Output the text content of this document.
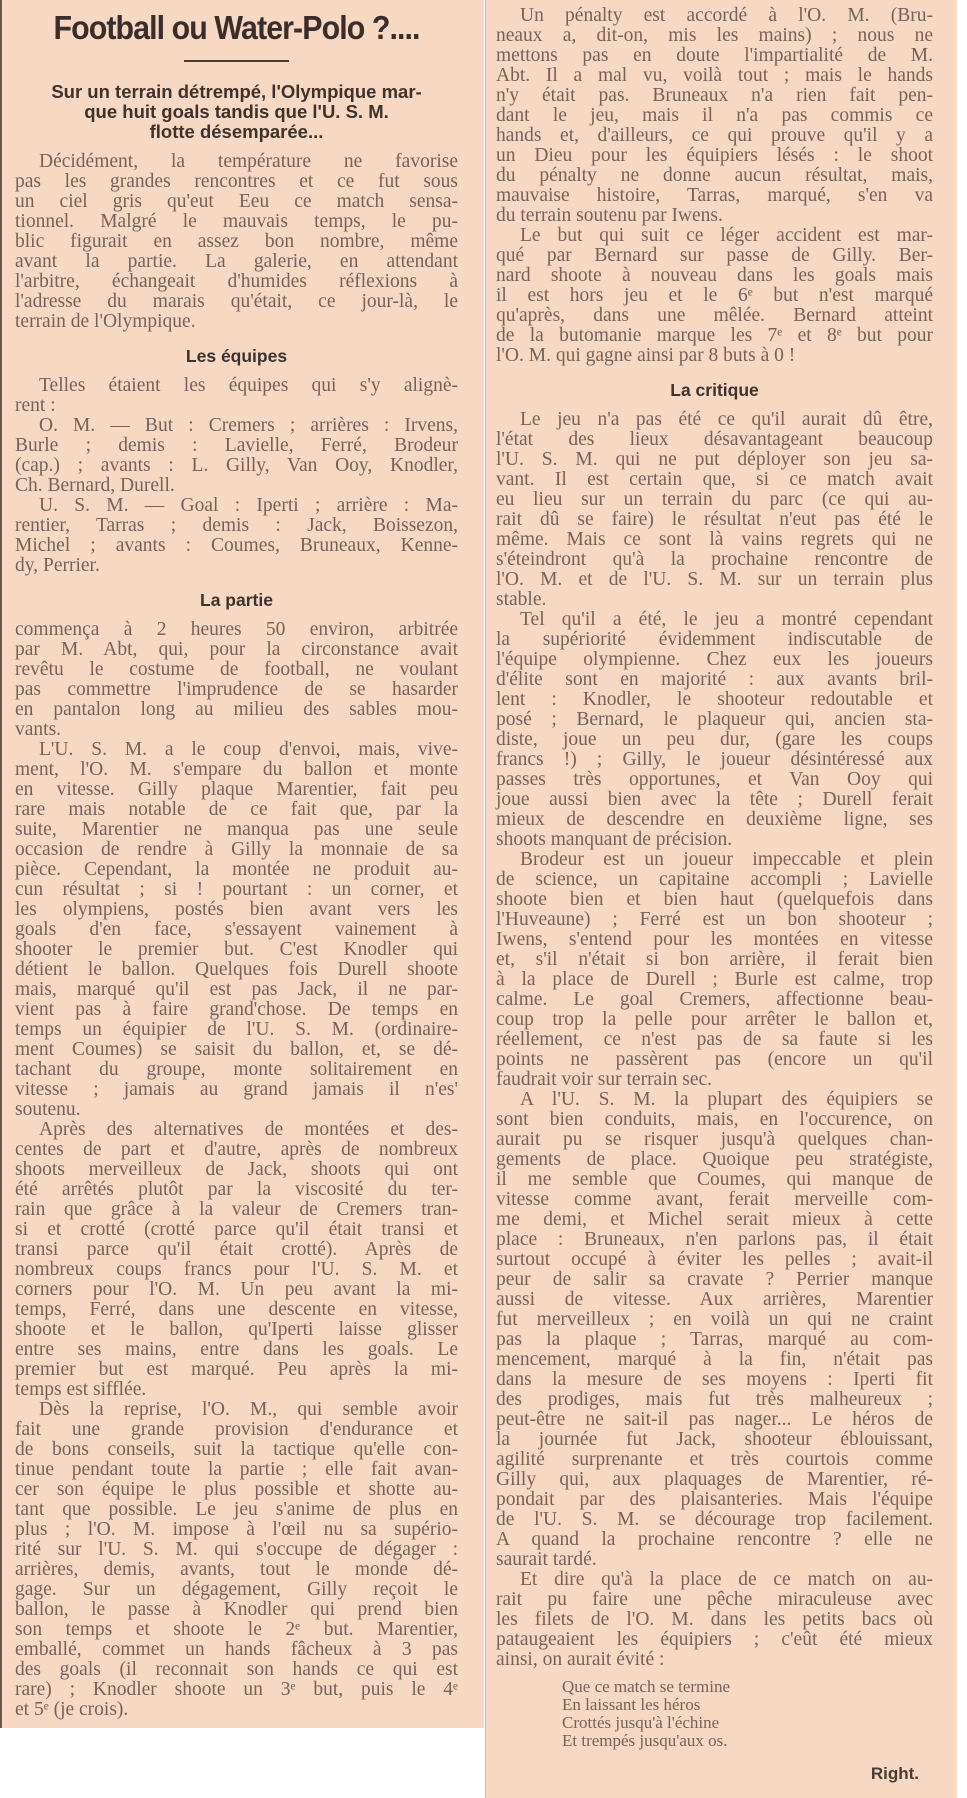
Football ou Water-Polo ?....
Sur un terrain détrempé, l'Olympique mar-
que huit goals tandis que l'U. S. M.
flotte désemparée...
Décidément, la température ne favorise
pas les grandes rencontres et ce fut sous
un ciel gris qu'eut Eeu ce match sensa-
tionnel. Malgré le mauvais temps, le pu-
blic figurait en assez bon nombre, même
avant la partie. La galerie, en attendant
l'arbitre, échangeait d'humides réflexions à
l'adresse du marais qu'était, ce jour-là, le
terrain de l'Olympique.
Les équipes
Telles étaient les équipes qui s'y alignè-
rent :
O. M. — But : Cremers ; arrières : Irvens,
Burle ; demis : Lavielle, Ferré, Brodeur
(cap.) ; avants : L. Gilly, Van Ooy, Knodler,
Ch. Bernard, Durell.
U. S. M. — Goal : Iperti ; arrière : Ma-
rentier, Tarras ; demis : Jack, Boissezon,
Michel ; avants : Coumes, Bruneaux, Kenne-
dy, Perrier.
La partie
commença à 2 heures 50 environ, arbitrée
par M. Abt, qui, pour la circonstance avait
revêtu le costume de football, ne voulant
pas commettre l'imprudence de se hasarder
en pantalon long au milieu des sables mou-
vants.
L'U. S. M. a le coup d'envoi, mais, vive-
ment, l'O. M. s'empare du ballon et monte
en vitesse. Gilly plaque Marentier, fait peu
rare mais notable de ce fait que, par la
suite, Marentier ne manqua pas une seule
occasion de rendre à Gilly la monnaie de sa
pièce. Cependant, la montée ne produit au-
cun résultat ; si ! pourtant : un corner, et
les olympiens, postés bien avant vers les
goals d'en face, s'essayent vainement à
shooter le premier but. C'est Knodler qui
détient le ballon. Quelques fois Durell shoote
mais, marqué qu'il est pas Jack, il ne par-
vient pas à faire grand'chose. De temps en
temps un équipier de l'U. S. M. (ordinaire-
ment Coumes) se saisit du ballon, et, se dé-
tachant du groupe, monte solitairement en
vitesse ; jamais au grand jamais il n'es'
soutenu.
Après des alternatives de montées et des-
centes de part et d'autre, après de nombreux
shoots merveilleux de Jack, shoots qui ont
été arrêtés plutôt par la viscosité du ter-
rain que grâce à la valeur de Cremers tran-
si et crotté (crotté parce qu'il était transi et
transi parce qu'il était crotté). Après de
nombreux coups francs pour l'U. S. M. et
corners pour l'O. M. Un peu avant la mi-
temps, Ferré, dans une descente en vitesse,
shoote et le ballon, qu'Iperti laisse glisser
entre ses mains, entre dans les goals. Le
premier but est marqué. Peu après la mi-
temps est sifflée.
Dès la reprise, l'O. M., qui semble avoir
fait une grande provision d'endurance et
de bons conseils, suit la tactique qu'elle con-
tinue pendant toute la partie ; elle fait avan-
cer son équipe le plus possible et shotte au-
tant que possible. Le jeu s'anime de plus en
plus ; l'O. M. impose à l'œil nu sa supério-
rité sur l'U. S. M. qui s'occupe de dégager :
arrières, demis, avants, tout le monde dé-
gage. Sur un dégagement, Gilly reçoit le
ballon, le passe à Knodler qui prend bien
son temps et shoote le 2ᵉ but. Marentier,
emballé, commet un hands fâcheux à 3 pas
des goals (il reconnait son hands ce qui est
rare) ; Knodler shoote un 3ᵉ but, puis le 4ᵉ
et 5ᵉ (je crois).
Un pénalty est accordé à l'O. M. (Bru-
neaux a, dit-on, mis les mains) ; nous ne
mettons pas en doute l'impartialité de M.
Abt. Il a mal vu, voilà tout ; mais le hands
n'y était pas. Bruneaux n'a rien fait pen-
dant le jeu, mais il n'a pas commis ce
hands et, d'ailleurs, ce qui prouve qu'il y a
un Dieu pour les équipiers lésés : le shoot
du pénalty ne donne aucun résultat, mais,
mauvaise histoire, Tarras, marqué, s'en va
du terrain soutenu par Iwens.
Le but qui suit ce léger accident est mar-
qué par Bernard sur passe de Gilly. Ber-
nard shoote à nouveau dans les goals mais
il est hors jeu et le 6ᵉ but n'est marqué
qu'après, dans une mêlée. Bernard atteint
de la butomanie marque les 7ᵉ et 8ᵉ but pour
l'O. M. qui gagne ainsi par 8 buts à 0 !
La critique
Le jeu n'a pas été ce qu'il aurait dû être,
l'état des lieux désavantageant beaucoup
l'U. S. M. qui ne put déployer son jeu sa-
vant. Il est certain que, si ce match avait
eu lieu sur un terrain du parc (ce qui au-
rait dû se faire) le résultat n'eut pas été le
même. Mais ce sont là vains regrets qui ne
s'éteindront qu'à la prochaine rencontre de
l'O. M. et de l'U. S. M. sur un terrain plus
stable.
Tel qu'il a été, le jeu a montré cependant
la supériorité évidemment indiscutable de
l'équipe olympienne. Chez eux les joueurs
d'élite sont en majorité : aux avants bril-
lent : Knodler, le shooteur redoutable et
posé ; Bernard, le plaqueur qui, ancien sta-
diste, joue un peu dur, (gare les coups
francs !) ; Gilly, le joueur désintéressé aux
passes très opportunes, et Van Ooy qui
joue aussi bien avec la tête ; Durell ferait
mieux de descendre en deuxième ligne, ses
shoots manquant de précision.
Brodeur est un joueur impeccable et plein
de science, un capitaine accompli ; Lavielle
shoote bien et bien haut (quelquefois dans
l'Huveaune) ; Ferré est un bon shooteur ;
Iwens, s'entend pour les montées en vitesse
et, s'il n'était si bon arrière, il ferait bien
à la place de Durell ; Burle est calme, trop
calme. Le goal Cremers, affectionne beau-
coup trop la pelle pour arrêter le ballon et,
réellement, ce n'est pas de sa faute si les
points ne passèrent pas (encore un qu'il
faudrait voir sur terrain sec.
A l'U. S. M. la plupart des équipiers se
sont bien conduits, mais, en l'occurence, on
aurait pu se risquer jusqu'à quelques chan-
gements de place. Quoique peu stratégiste,
il me semble que Coumes, qui manque de
vitesse comme avant, ferait merveille com-
me demi, et Michel serait mieux à cette
place : Bruneaux, n'en parlons pas, il était
surtout occupé à éviter les pelles ; avait-il
peur de salir sa cravate ? Perrier manque
aussi de vitesse. Aux arrières, Marentier
fut merveilleux ; en voilà un qui ne craint
pas la plaque ; Tarras, marqué au com-
mencement, marqué à la fin, n'était pas
dans la mesure de ses moyens : Iperti fit
des prodiges, mais fut très malheureux ;
peut-être ne sait-il pas nager... Le héros de
la journée fut Jack, shooteur éblouissant,
agilité surprenante et très courtois comme
Gilly qui, aux plaquages de Marentier, ré-
pondait par des plaisanteries. Mais l'équipe
de l'U. S. M. se décourage trop facilement.
A quand la prochaine rencontre ? elle ne
saurait tardé.
Et dire qu'à la place de ce match on au-
rait pu faire une pêche miraculeuse avec
les filets de l'O. M. dans les petits bacs où
pataugeaient les équipiers ; c'eût été mieux
ainsi, on aurait évité :
Que ce match se termine
En laissant les héros
Crottés jusqu'à l'échine
Et trempés jusqu'aux os.
Right.
